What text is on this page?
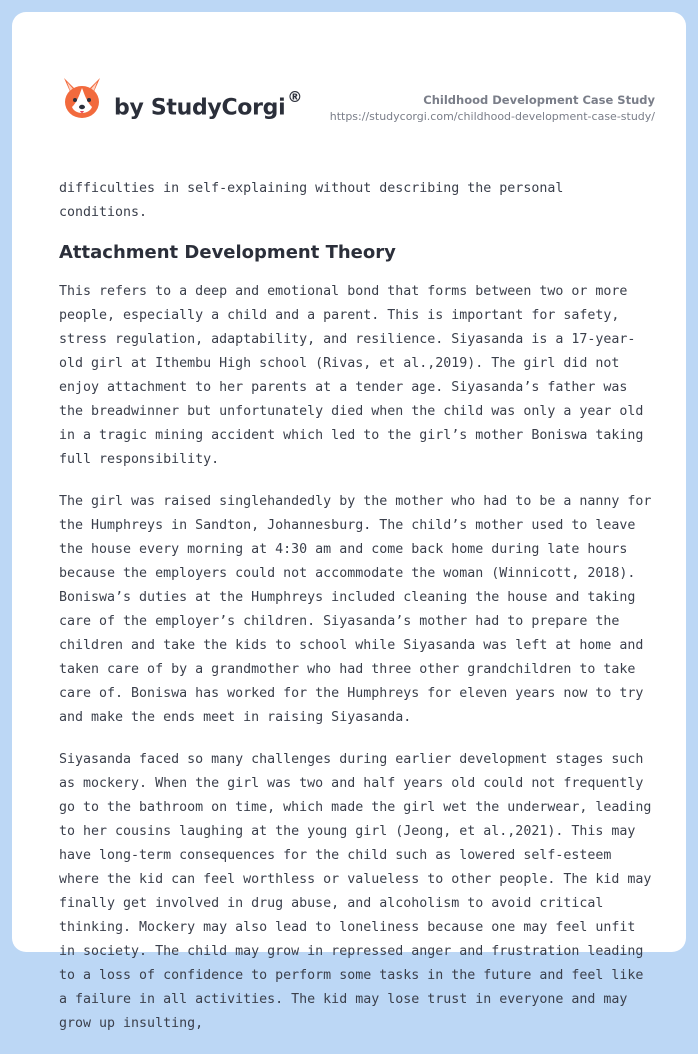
by StudyCorgi ®	Childhood Development Case Study
https://studycorgi.com/childhood-development-case-study/

difficulties in self-explaining without describing the personal conditions.

Attachment Development Theory

This refers to a deep and emotional bond that forms between two or more people, especially a child and a parent. This is important for safety, stress regulation, adaptability, and resilience. Siyasanda is a 17-year-old girl at Ithembu High school (Rivas, et al.,2019). The girl did not enjoy attachment to her parents at a tender age. Siyasanda’s father was the breadwinner but unfortunately died when the child was only a year old in a tragic mining accident which led to the girl’s mother Boniswa taking full responsibility.

The girl was raised singlehandedly by the mother who had to be a nanny for the Humphreys in Sandton, Johannesburg. The child’s mother used to leave the house every morning at 4:30 am and come back home during late hours because the employers could not accommodate the woman (Winnicott, 2018). Boniswa’s duties at the Humphreys included cleaning the house and taking care of the employer’s children. Siyasanda’s mother had to prepare the children and take the kids to school while Siyasanda was left at home and taken care of by a grandmother who had three other grandchildren to take care of. Boniswa has worked for the Humphreys for eleven years now to try and make the ends meet in raising Siyasanda.

Siyasanda faced so many challenges during earlier development stages such as mockery. When the girl was two and half years old could not frequently go to the bathroom on time, which made the girl wet the underwear, leading to her cousins laughing at the young girl (Jeong, et al.,2021). This may have long-term consequences for the child such as lowered self-esteem where the kid can feel worthless or valueless to other people. The kid may finally get involved in drug abuse, and alcoholism to avoid critical thinking. Mockery may also lead to loneliness because one may feel unfit in society. The child may grow in repressed anger and frustration leading to a loss of confidence to perform some tasks in the future and feel like a failure in all activities. The kid may lose trust in everyone and may grow up insulting,
